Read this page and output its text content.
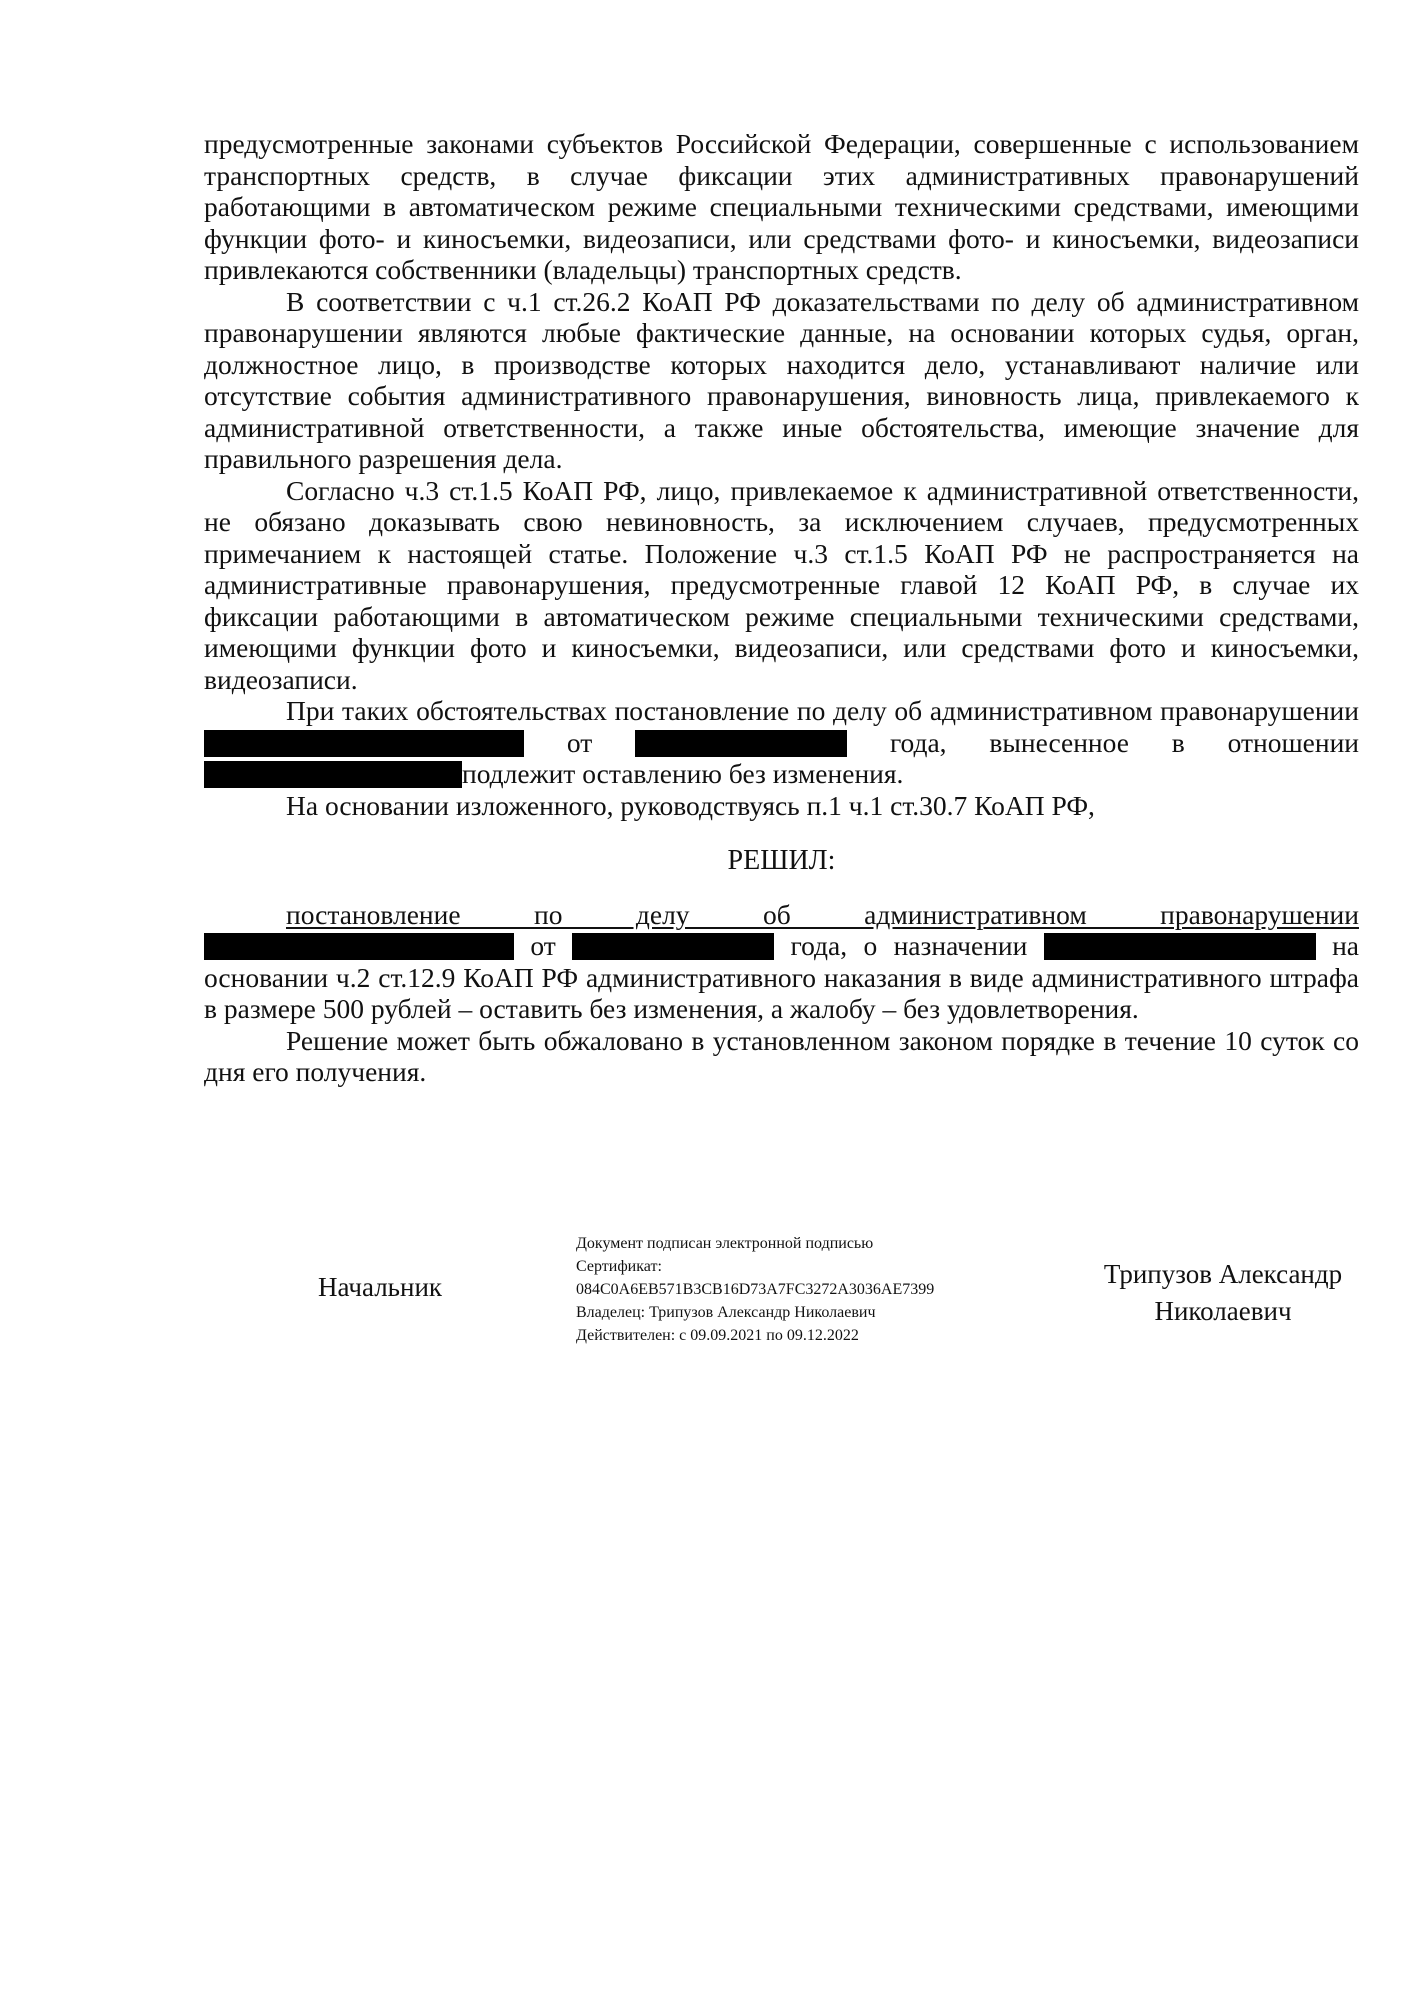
предусмотренные законами субъектов Российской Федерации, совершенные с использованием транспортных средств, в случае фиксации этих административных правонарушений работающими в автоматическом режиме специальными техническими средствами, имеющими функции фото- и киносъемки, видеозаписи, или средствами фото- и киносъемки, видеозаписи привлекаются собственники (владельцы) транспортных средств.

В соответствии с ч.1 ст.26.2 КоАП РФ доказательствами по делу об административном правонарушении являются любые фактические данные, на основании которых судья, орган, должностное лицо, в производстве которых находится дело, устанавливают наличие или отсутствие события административного правонарушения, виновность лица, привлекаемого к административной ответственности, а также иные обстоятельства, имеющие значение для правильного разрешения дела.

Согласно ч.3 ст.1.5 КоАП РФ, лицо, привлекаемое к административной ответственности, не обязано доказывать свою невиновность, за исключением случаев, предусмотренных примечанием к настоящей статье. Положение ч.3 ст.1.5 КоАП РФ не распространяется на административные правонарушения, предусмотренные главой 12 КоАП РФ, в случае их фиксации работающими в автоматическом режиме специальными техническими средствами, имеющими функции фото и киносъемки, видеозаписи, или средствами фото и киносъемки, видеозаписи.

При таких обстоятельствах постановление по делу об административном правонарушении  от	года, вынесенное в отношении подлежит оставлению без изменения.

На основании изложенного, руководствуясь п.1 ч.1 ст.30.7 КоАП РФ,

РЕШИЛ:

постановление по делу об административном правонарушении
от	года, о назначении	на основании ч.2 ст.12.9 КоАП РФ административного наказания в виде административного штрафа в размере 500 рублей – оставить без изменения, а жалобу – без удовлетворения.

Решение может быть обжаловано в установленном законом порядке в течение 10 суток со дня его получения.

Начальник
Документ подписан электронной подписью
Сертификат:
084C0A6EB571B3CB16D73A7FC3272A3036AE7399
Владелец: Трипузов Александр Николаевич
Действителен: с 09.09.2021 по 09.12.2022
Трипузов Александр
Николаевич
